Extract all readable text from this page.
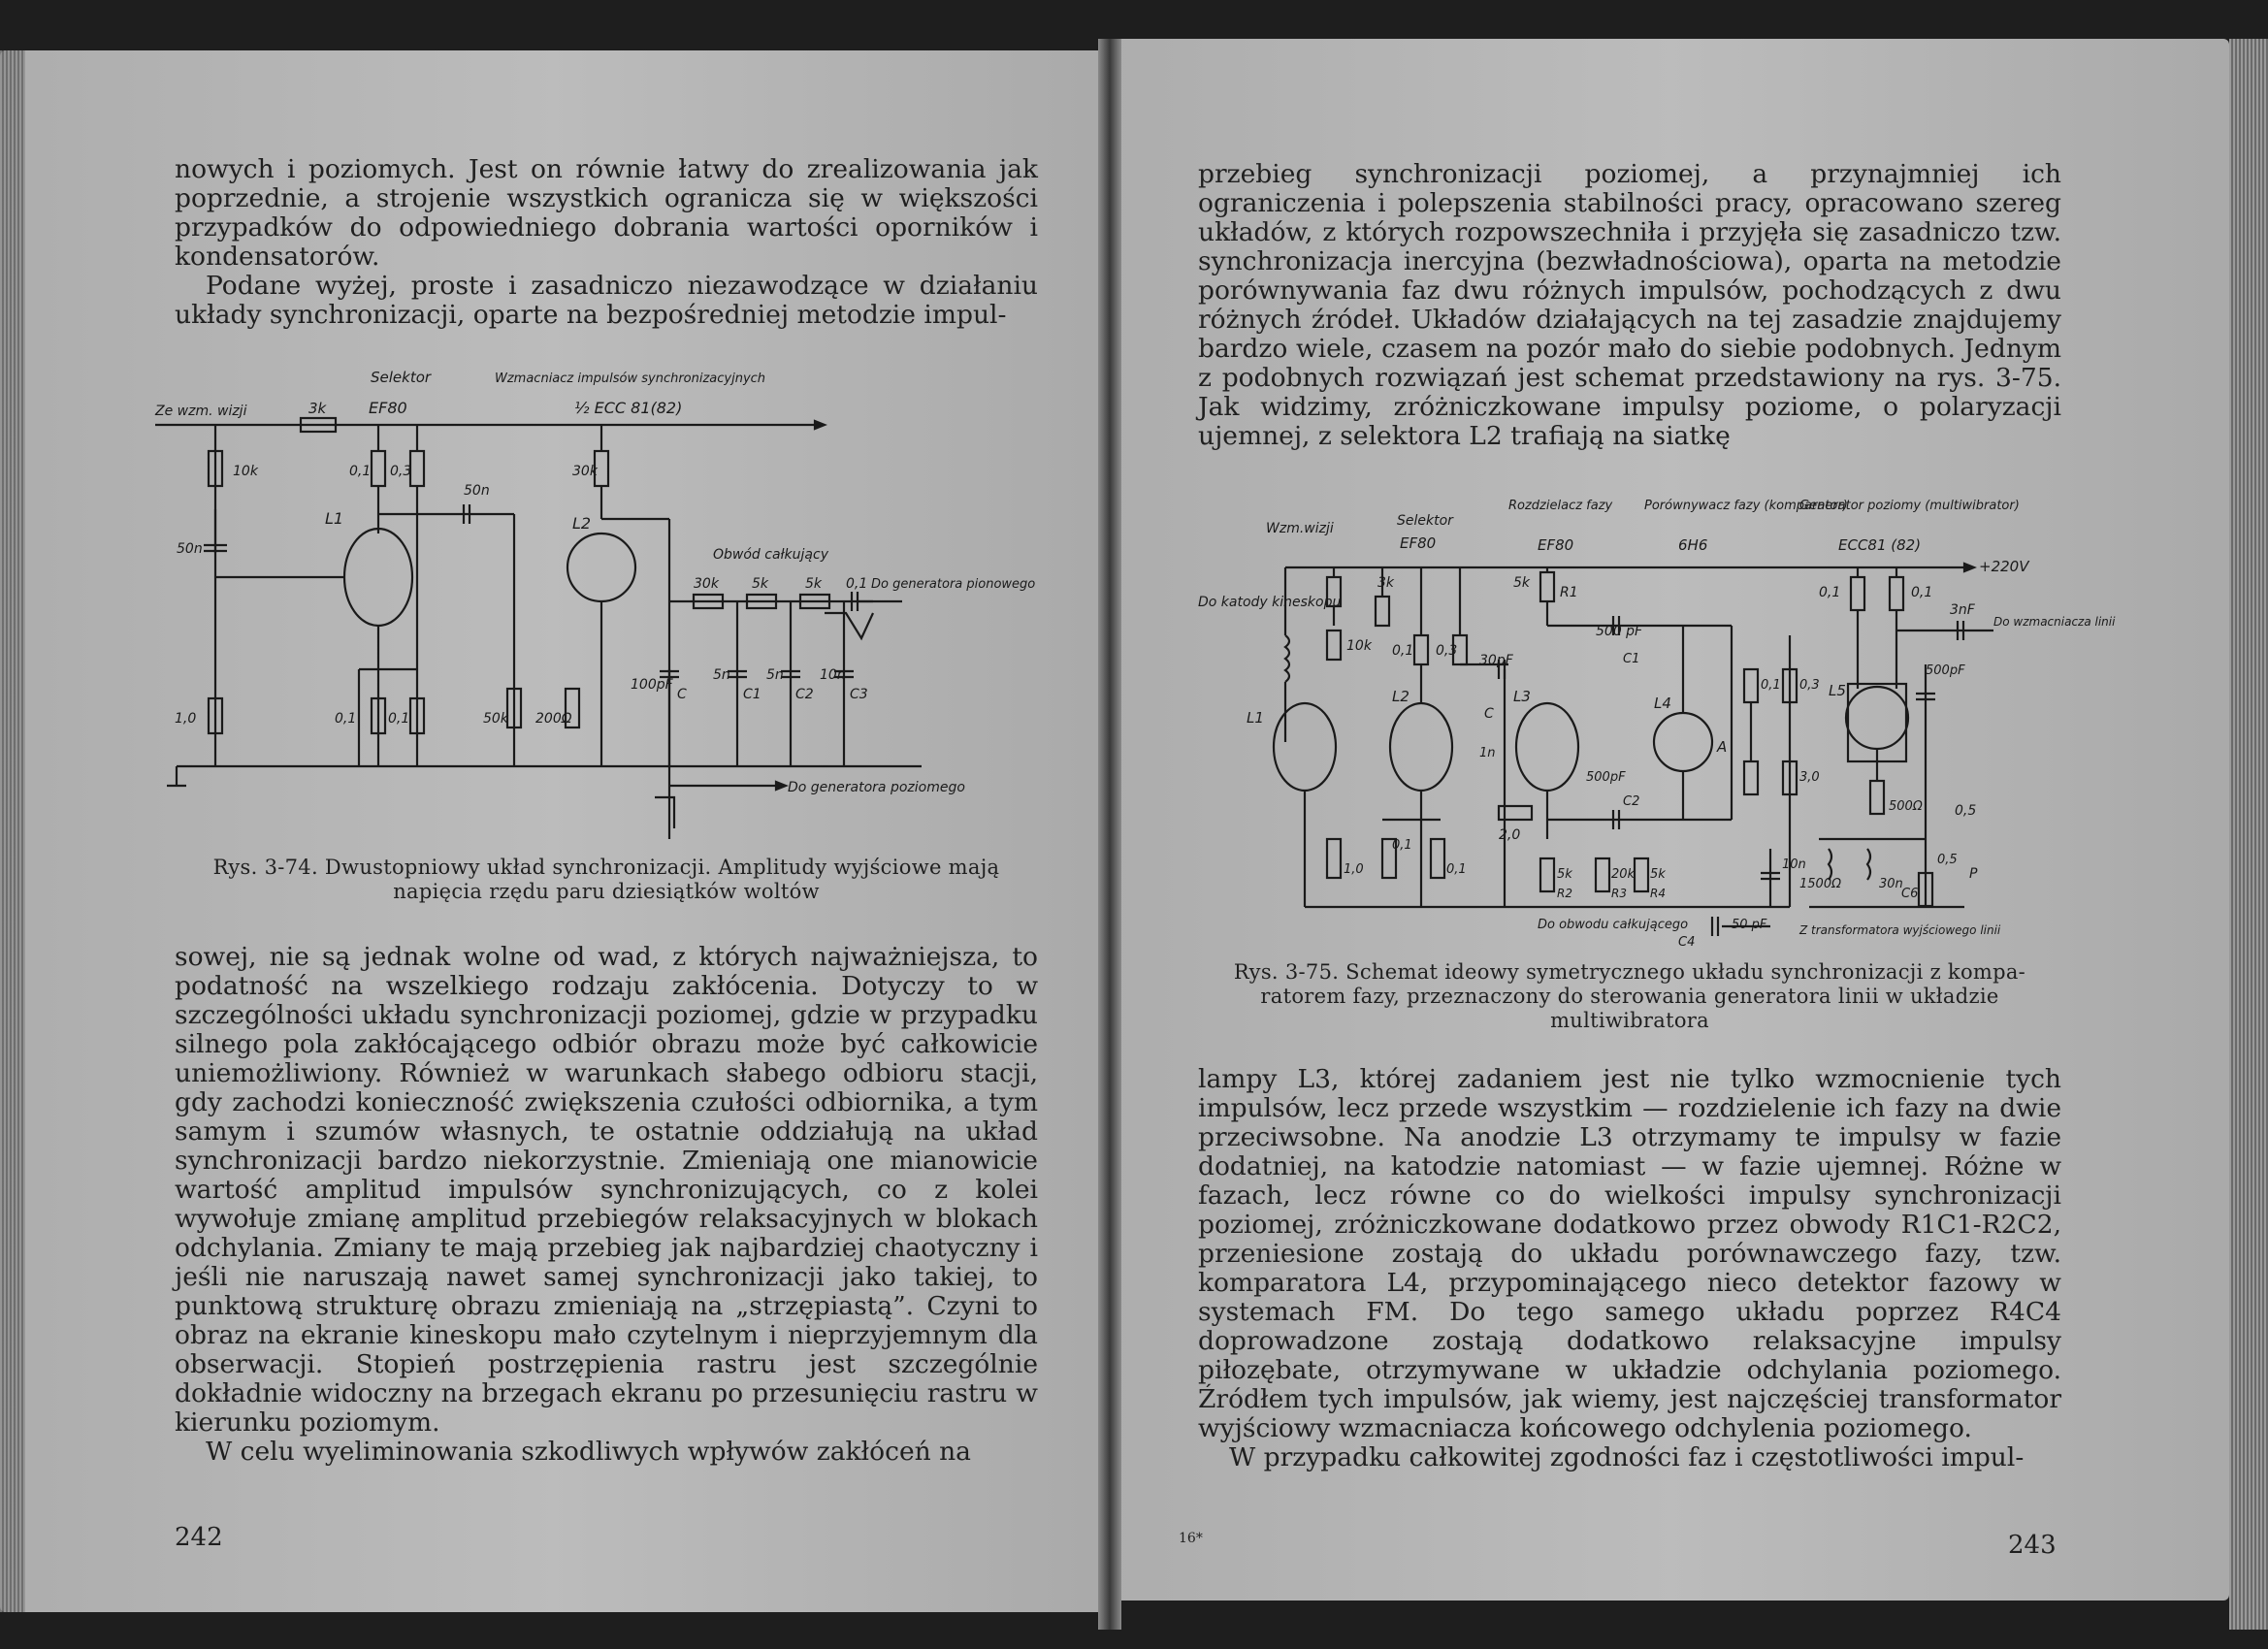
nowych i poziomych. Jest on równie łatwy do zrealizowania jak poprzednie, a strojenie wszystkich ogranicza się w większości przypadków do odpowiedniego dobrania wartości oporników i kondensatorów.

Podane wyżej, proste i zasadniczo niezawodzące w działaniu układy synchronizacji, oparte na bezpośredniej metodzie impul-

Selektor	Wzmacniacz impulsów synchronizacyjnych
Ze wzm. wizji	3k	EF80	½ ECC 81(82)
10k	0,1 0,3
50n
30k
50n
L1	L2
Obwód całkujący
30k 5k	5k 0,1 Do generatora pionowego
1,0	0,1 0,1	50k 200Ω
100pF
C
5n
C1
5n
C2
10n
C3
Do generatora poziomego
Rys. 3-74. Dwustopniowy układ synchronizacji. Amplitudy wyjściowe mają
napięcia rzędu paru dziesiątków woltów

sowej, nie są jednak wolne od wad, z których najważniejsza, to podatność na wszelkiego rodzaju zakłócenia. Dotyczy to w szczególności układu synchronizacji poziomej, gdzie w przypadku silnego pola zakłócającego odbiór obrazu może być całkowicie uniemożliwiony. Również w warunkach słabego odbioru stacji, gdy zachodzi konieczność zwiększenia czułości odbiornika, a tym samym i szumów własnych, te ostatnie oddziałują na układ synchronizacji bardzo niekorzystnie. Zmieniają one mianowicie wartość amplitud impulsów synchronizujących, co z kolei wywołuje zmianę amplitud przebiegów relaksacyjnych w blokach odchylania. Zmiany te mają przebieg jak najbardziej chaotyczny i jeśli nie naruszają nawet samej synchronizacji jako takiej, to punktową strukturę obrazu zmieniają na „strzępiastą”. Czyni to obraz na ekranie kineskopu mało czytelnym i nieprzyjemnym dla obserwacji. Stopień postrzępienia rastru jest szczególnie dokładnie widoczny na brzegach ekranu po przesunięciu rastru w kierunku poziomym.

W celu wyeliminowania szkodliwych wpływów zakłóceń na

242

przebieg synchronizacji poziomej, a przynajmniej ich ograniczenia i polepszenia stabilności pracy, opracowano szereg układów, z których rozpowszechniła i przyjęła się zasadniczo tzw. synchronizacja inercyjna (bezwładnościowa), oparta na metodzie porównywania faz dwu różnych impulsów, pochodzących z dwu różnych źródeł. Układów działających na tej zasadzie znajdujemy bardzo wiele, czasem na pozór mało do siebie podobnych. Jednym z podobnych rozwiązań jest schemat przedstawiony na rys. 3-75. Jak widzimy, zróżniczkowane impulsy poziome, o polaryzacji ujemnej, z selektora L2 trafiają na siatkę

Rozdzielacz fazy	Porównywacz fazy (komparator)
Generator poziomy (multiwibrator)
Wzm.wizji	Selektor
EF80	EF80	6H6	ECC81 (82)
+220V
Do katody kineskopu
3k	5k
R1	0,1	0,1
3nF
Do wzmacniacza linii
10k 0,1 0,3
500 pF
C1
30pF
C
L1
L2	L3	L4
L5
0,1
A
0,3
3,0
500pF
500pF
C2
2,0
1n
0,1
500Ω 0,5
1,0	0,1	5k
R2
20k
R3
5k
R4
10n
1500Ω	30n
C6
0,5
P
Do obwodu całkującego	50 pF
C4
Z transformatora wyjściowego linii
Rys. 3-75. Schemat ideowy symetrycznego układu synchronizacji z kompa-
ratorem fazy, przeznaczony do sterowania generatora linii w układzie
multiwibratora

lampy L3, której zadaniem jest nie tylko wzmocnienie tych impulsów, lecz przede wszystkim — rozdzielenie ich fazy na dwie przeciwsobne. Na anodzie L3 otrzymamy te impulsy w fazie dodatniej, na katodzie natomiast — w fazie ujemnej. Różne w fazach, lecz równe co do wielkości impulsy synchronizacji poziomej, zróżniczkowane dodatkowo przez obwody R1C1-R2C2, przeniesione zostają do układu porównawczego fazy, tzw. komparatora L4, przypominającego nieco detektor fazowy w systemach FM. Do tego samego układu poprzez R4C4 doprowadzone zostają dodatkowo relaksacyjne impulsy piłozębate, otrzymywane w układzie odchylania poziomego. Źródłem tych impulsów, jak wiemy, jest najczęściej transformator wyjściowy wzmacniacza końcowego odchylenia poziomego.

W przypadku całkowitej zgodności faz i częstotliwości impul-

16*	243
